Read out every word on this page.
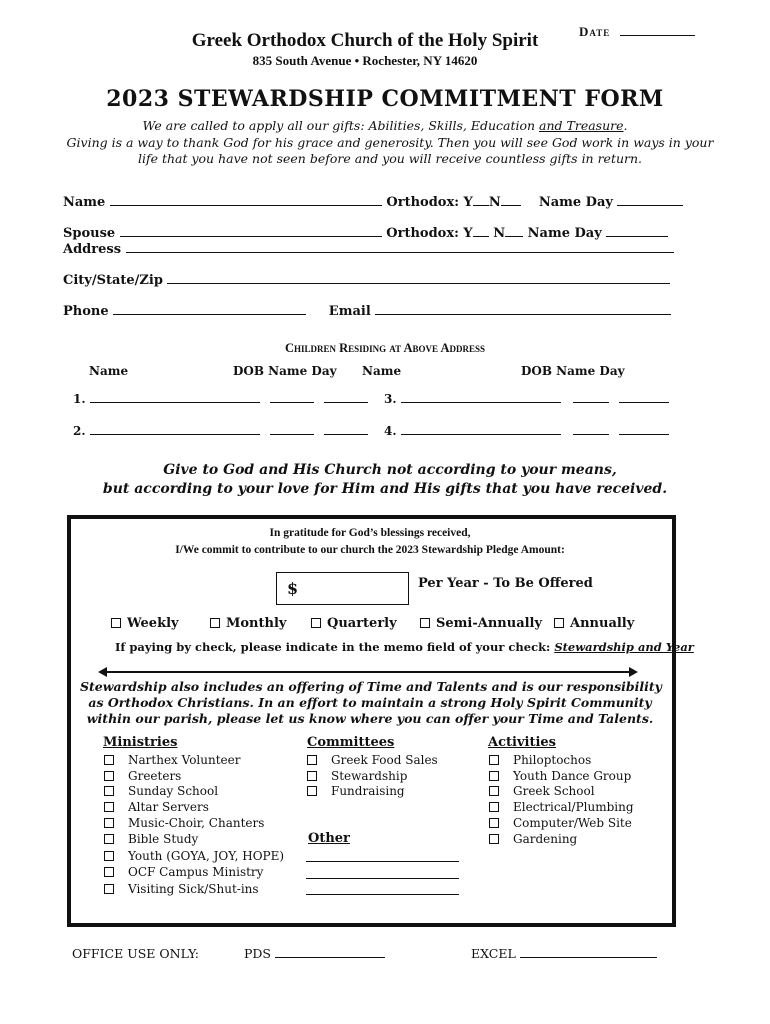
Date
Greek Orthodox Church of the Holy Spirit
835 South Avenue • Rochester, NY 14620
2023 STEWARDSHIP COMMITMENT FORM
We are called to apply all our gifts: Abilities, Skills, Education and Treasure.
Giving is a way to thank God for his grace and generosity. Then you will see God work in ways in your
life that you have not seen before and you will receive countless gifts in return.
Name	Orthodox: Y N	Name Day
Spouse	Orthodox: Y N Name Day
Address
City/State/Zip
Phone	Email
Children Residing at Above Address
Name	DOB Name Day Name	DOB Name Day
1.	3.
2.	4.
Give to God and His Church not according to your means,
but according to your love for Him and His gifts that you have received.
In gratitude for God’s blessings received,
I/We commit to contribute to our church the 2023 Stewardship Pledge Amount:
$	Per Year - To Be Offered
Weekly	Monthly	Quarterly	Semi-Annually	Annually
If paying by check, please indicate in the memo field of your check: Stewardship and Year
Stewardship also includes an offering of Time and Talents and is our responsibility
as Orthodox Christians. In an effort to maintain a strong Holy Spirit Community
within our parish, please let us know where you can offer your Time and Talents.
Ministries
Narthex Volunteer
Greeters
Sunday School
Altar Servers
Music-Choir, Chanters
Bible Study
Youth (GOYA, JOY, HOPE)
OCF Campus Ministry
Visiting Sick/Shut-ins
Committees
Greek Food Sales
Stewardship
Fundraising
Other
Activities
Philoptochos
Youth Dance Group
Greek School
Electrical/Plumbing
Computer/Web Site
Gardening
OFFICE USE ONLY:	PDS	EXCEL
